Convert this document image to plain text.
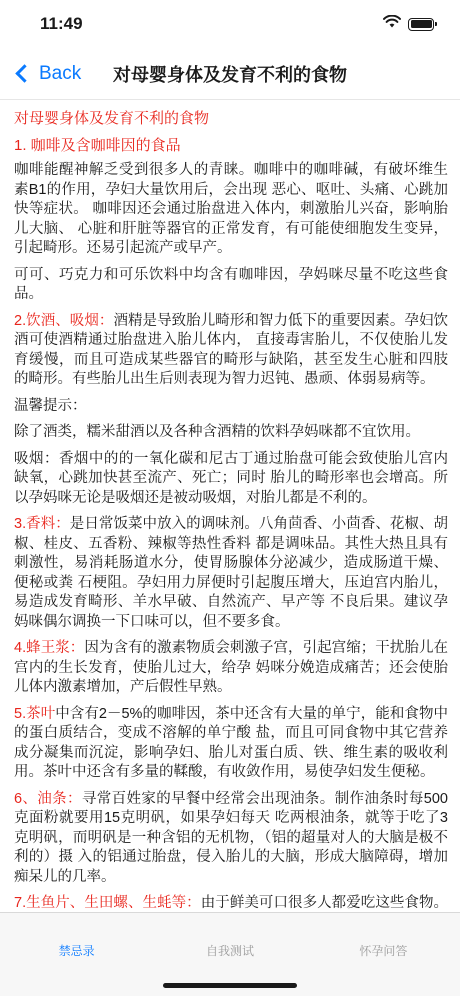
11:49
Back	对母婴身体及发育不利的食物
对母婴身体及发育不利的食物
1. 咖啡及含咖啡因的食品

咖啡能醒神解乏受到很多人的青睐。咖啡中的咖啡碱，有破坏维生素B1的作用，孕妇大量饮用后，会出现 恶心、呕吐、头痛、心跳加快等症状。 咖啡因还会通过胎盘进入体内，刺激胎儿兴奋，影响胎儿大脑、 心脏和肝脏等器官的正常发育，有可能使细胞发生变异，引起畸形。还易引起流产或早产。

可可、巧克力和可乐饮料中均含有咖啡因，孕妈咪尽量不吃这些食品。

2.饮酒、吸烟：酒精是导致胎儿畸形和智力低下的重要因素。孕妇饮酒可使酒精通过胎盘进入胎儿体内， 直接毒害胎儿，不仅使胎儿发育缓慢，而且可造成某些器官的畸形与缺陷，甚至发生心脏和四肢的畸形。有些胎儿出生后则表现为智力迟钝、愚顽、体弱易病等。

温馨提示：

除了酒类，糯米甜酒以及各种含酒精的饮料孕妈咪都不宜饮用。

吸烟：香烟中的的一氧化碳和尼古丁通过胎盘可能会致使胎儿宫内缺氧，心跳加快甚至流产、死亡；同时 胎儿的畸形率也会增高。所以孕妈咪无论是吸烟还是被动吸烟，对胎儿都是不利的。

3.香料：是日常饭菜中放入的调味剂。八角茴香、小茴香、花椒、胡椒、桂皮、五香粉、辣椒等热性香料 都是调味品。其性大热且具有刺激性，易消耗肠道水分，使胃肠腺体分泌减少，造成肠道干燥、便秘或粪 石梗阻。孕妇用力屏便时引起腹压增大，压迫宫内胎儿，易造成发育畸形、羊水早破、自然流产、早产等 不良后果。建议孕妈咪偶尔调换一下口味可以，但不要多食。

4.蜂王浆：因为含有的激素物质会刺激子宫，引起宫缩；干扰胎儿在宫内的生长发育，使胎儿过大，给孕 妈咪分娩造成痛苦；还会使胎儿体内激素增加，产后假性早熟。

5.茶叶中含有2－5%的咖啡因，茶中还含有大量的单宁，能和食物中的蛋白质结合，变成不溶解的单宁酸 盐，而且可同食物中其它营养成分凝集而沉淀，影响孕妇、胎儿对蛋白质、铁、维生素的吸收利用。茶叶中还含有多量的鞣酸，有收敛作用，易使孕妇发生便秘。

6、油条：寻常百姓家的早餐中经常会出现油条。制作油条时每500克面粉就要用15克明矾，如果孕妇每天 吃两根油条，就等于吃了3克明矾，而明矾是一种含铝的无机物，（铝的超量对人的大脑是极不利的）摄 入的铝通过胎盘，侵入胎儿的大脑，形成大脑障碍，增加痴呆儿的几率。

7.生鱼片、生田螺、生蚝等：由于鲜美可口很多人都爱吃这些食物。

禁忌录	自我测试	怀孕问答
